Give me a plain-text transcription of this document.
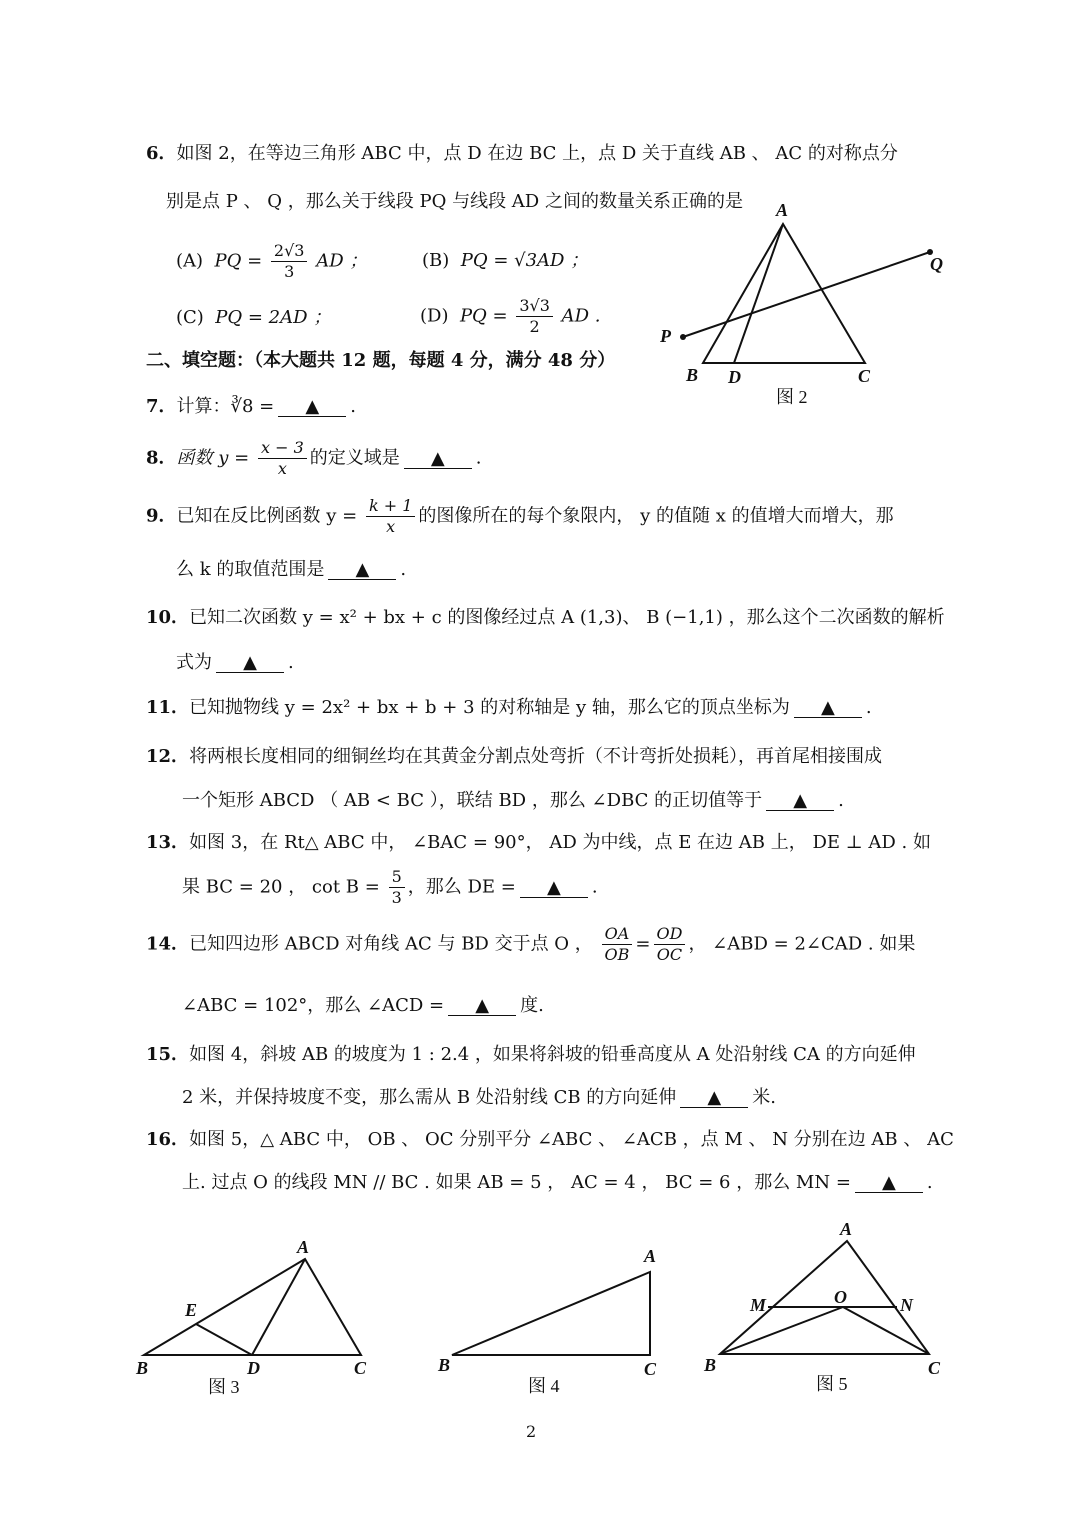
6．如图 2，在等边三角形 ABC 中，点 D 在边 BC 上，点 D 关于直线 AB 、 AC 的对称点分
别是点 P 、 Q ，那么关于线段 PQ 与线段 AD 之间的数量关系正确的是
(A) PQ = $\frac{2√3}{3}$ AD ；	(B) PQ = √3AD ；
(C) PQ = 2AD ；	(D) PQ = $\frac{3√3}{2}$ AD .
A
B D	C
P
Q
图 2
二、填空题：（本大题共 12 题，每题 4 分，满分 48 分）
7．计算：∛8 = ▲ .
8．函数 $y = \frac{x - 3}{x}$ 的定义域是 ▲ .
9．已知在反比例函数 $y = \frac{k + 1}{x}$ 的图像所在的每个象限内， y 的值随 x 的值增大而增大，那
么 k 的取值范围是 ▲ .
10．已知二次函数 y = x² + bx + c 的图像经过点 A (1,3)、 B (−1,1) ，那么这个二次函数的解析
式为 ▲ .
11．已知抛物线 y = 2x² + bx + b + 3 的对称轴是 y 轴，那么它的顶点坐标为 ▲ .
12．将两根长度相同的细铜丝均在其黄金分割点处弯折（不计弯折处损耗），再首尾相接围成
一个矩形 ABCD （ AB < BC ），联结 BD ，那么 ∠DBC 的正切值等于 ▲ .
13．如图 3，在 Rt△ ABC 中， ∠BAC = 90°， AD 为中线，点 E 在边 AB 上， DE ⊥ AD . 如
果 BC = 20 ， $\cot B = \frac{5}{3}$ ，那么 DE = ▲ .
14．已知四边形 ABCD 对角线 AC 与 BD 交于点 O ， $\frac{OA}{OB} = \frac{OD}{OC}$ ， ∠ABD = 2∠CAD . 如果
∠ABC = 102°，那么 ∠ACD = ▲ 度.
15．如图 4，斜坡 AB 的坡度为 1 : 2.4 ，如果将斜坡的铅垂高度从 A 处沿射线 CA 的方向延伸
2 米，并保持坡度不变，那么需从 B 处沿射线 CB 的方向延伸 ▲ 米.
16．如图 5，△ ABC 中， OB 、 OC 分别平分 ∠ABC 、 ∠ACB ，点 M 、 N 分别在边 AB 、 AC
上. 过点 O 的线段 MN // BC . 如果 AB = 5 ， AC = 4 ， BC = 6 ，那么 MN = ▲ .
A
E
B	D	C
图 3
A
B	C
图 4
A
M	O	N
B	C
图 5
2
